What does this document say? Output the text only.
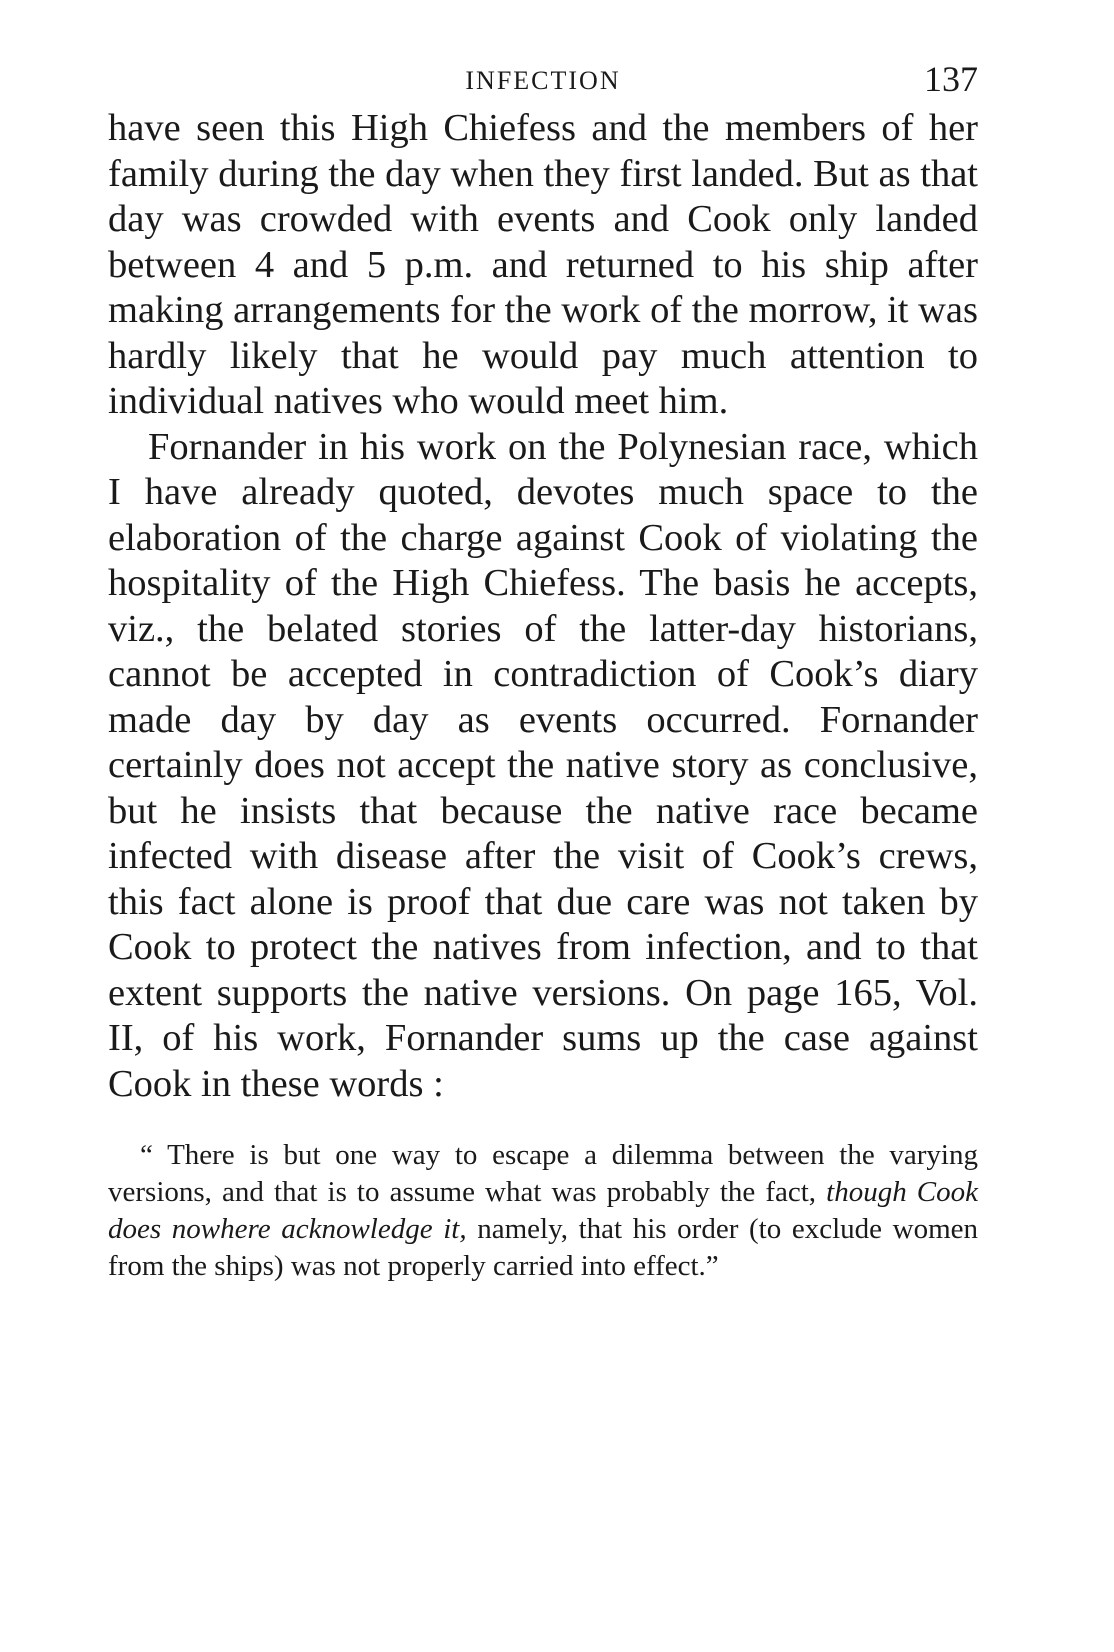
INFECTION	137

have seen this High Chiefess and the members of her family during the day when they first landed. But as that day was crowded with events and Cook only landed between 4 and 5 p.m. and returned to his ship after making arrangements for the work of the morrow, it was hardly likely that he would pay much attention to individual natives who would meet him.

Fornander in his work on the Polynesian race, which I have already quoted, devotes much space to the elaboration of the charge against Cook of violating the hospitality of the High Chiefess. The basis he accepts, viz., the belated stories of the latter-day historians, cannot be accepted in contradiction of Cook’s diary made day by day as events occurred. Fornander certainly does not accept the native story as conclusive, but he insists that because the native race became infected with disease after the visit of Cook’s crews, this fact alone is proof that due care was not taken by Cook to protect the natives from infection, and to that extent supports the native versions. On page 165, Vol. II, of his work, Fornander sums up the case against Cook in these words :

“ There is but one way to escape a dilemma between the varying versions, and that is to assume what was probably the fact, though Cook does nowhere acknowledge it, namely, that his order (to exclude women from the ships) was not properly carried into effect.”
